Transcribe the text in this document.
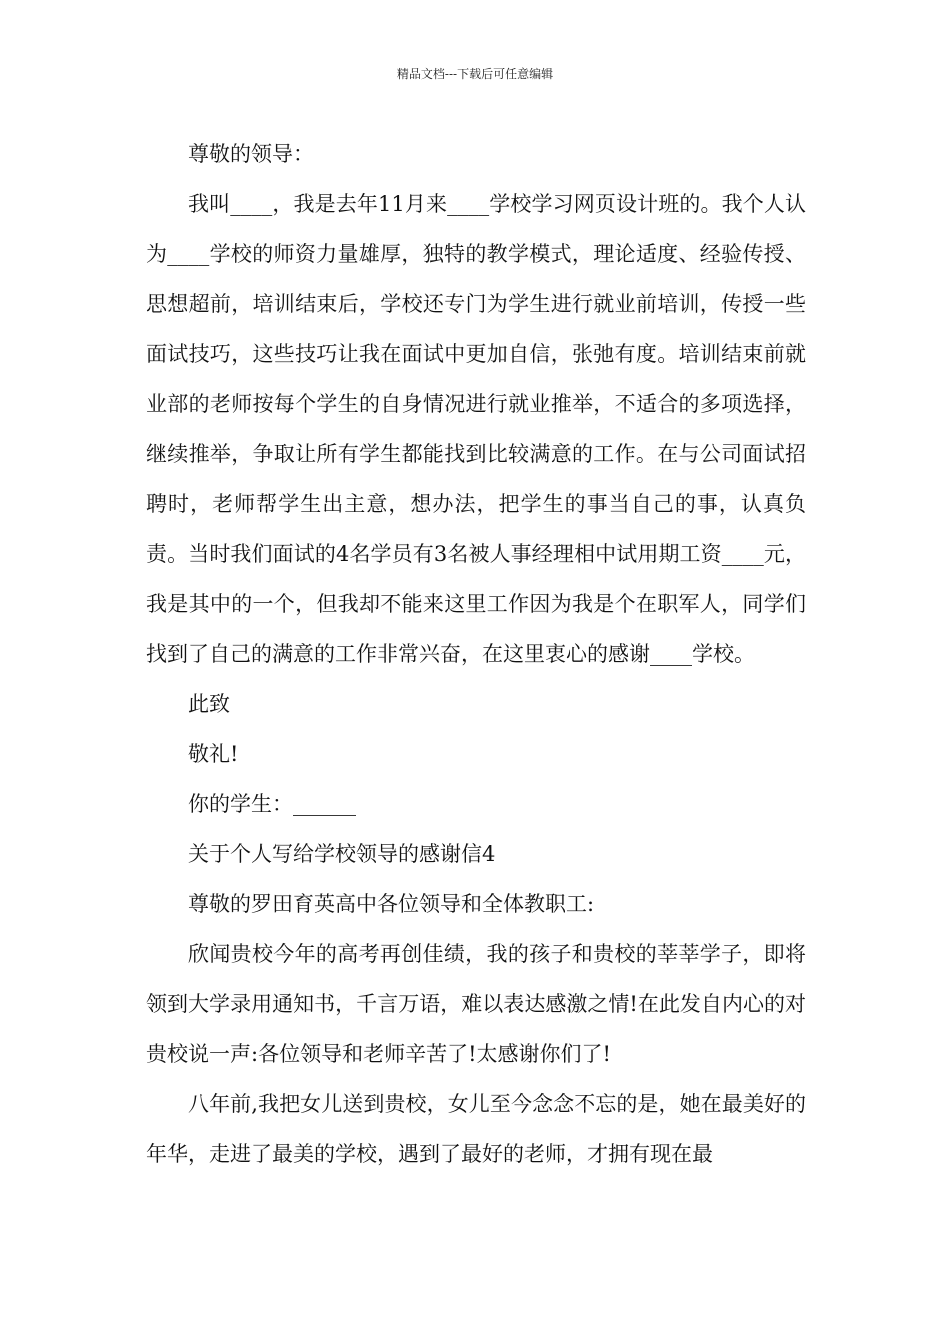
精品文档---下载后可任意编辑

尊敬的领导：

我叫____，我是去年11月来____学校学习网页设计班的。我个人认为____学校的师资力量雄厚，独特的教学模式，理论适度、经验传授、思想超前，培训结束后，学校还专门为学生进行就业前培训，传授一些面试技巧，这些技巧让我在面试中更加自信，张弛有度。培训结束前就业部的老师按每个学生的自身情况进行就业推举，不适合的多项选择，继续推举，争取让所有学生都能找到比较满意的工作。在与公司面试招聘时，老师帮学生出主意，想办法，把学生的事当自己的事，认真负责。当时我们面试的4名学员有3名被人事经理相中试用期工资____元，我是其中的一个，但我却不能来这里工作因为我是个在职军人，同学们找到了自己的满意的工作非常兴奋，在这里衷心的感谢____学校。

此致

敬礼!

你的学生：______

关于个人写给学校领导的感谢信4

尊敬的罗田育英高中各位领导和全体教职工:

欣闻贵校今年的高考再创佳绩，我的孩子和贵校的莘莘学子，即将领到大学录用通知书，千言万语，难以表达感激之情!在此发自内心的对贵校说一声:各位领导和老师辛苦了!太感谢你们了!

八年前,我把女儿送到贵校，女儿至今念念不忘的是，她在最美好的年华，走进了最美的学校，遇到了最好的老师，才拥有现在最
